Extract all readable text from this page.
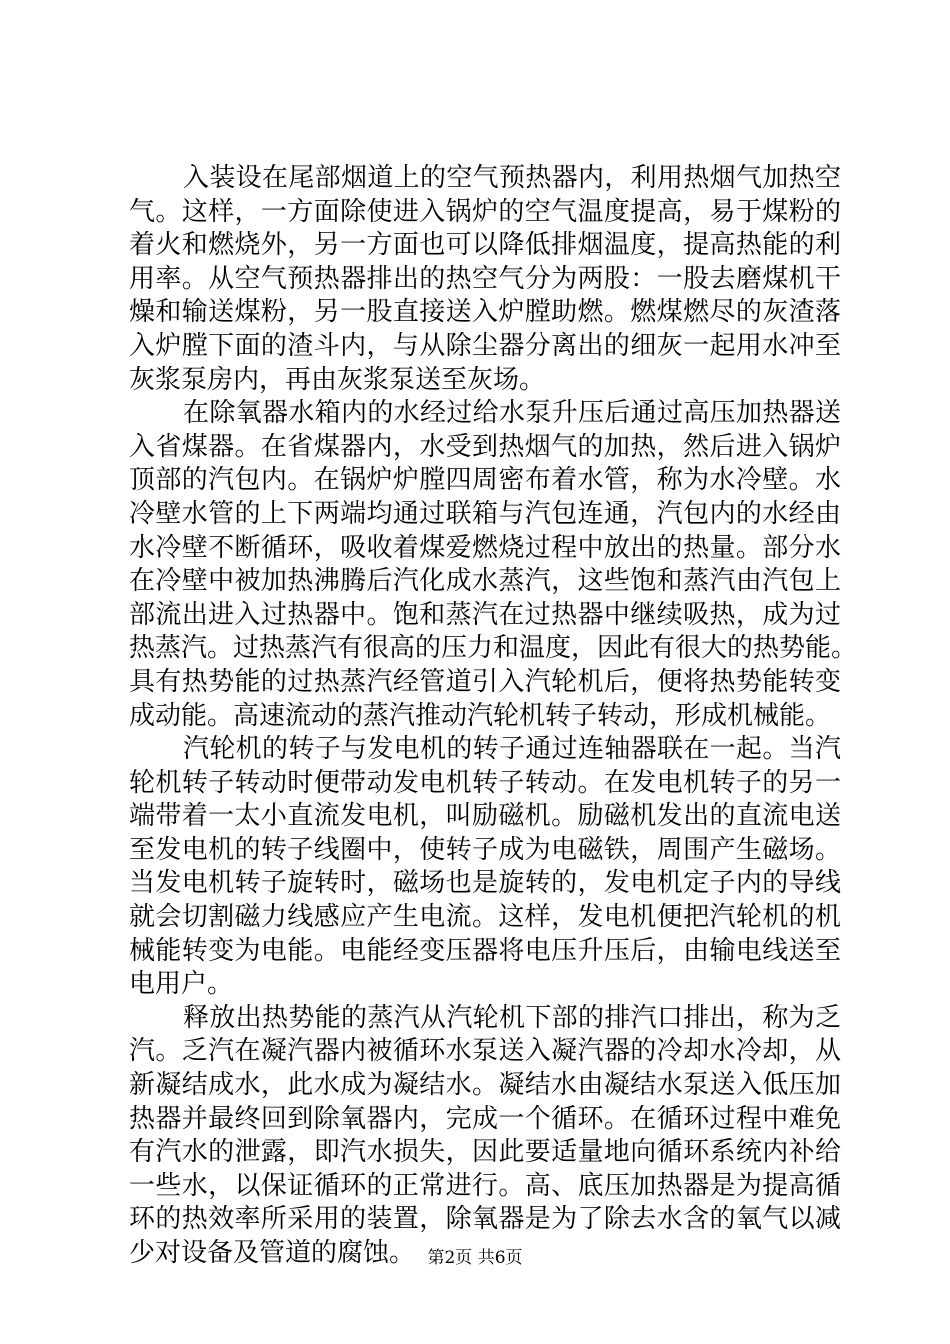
入装设在尾部烟道上的空气预热器内，利用热烟气加热空
气。这样，一方面除使进入锅炉的空气温度提高，易于煤粉的
着火和燃烧外，另一方面也可以降低排烟温度，提高热能的利
用率。从空气预热器排出的热空气分为两股：一股去磨煤机干
燥和输送煤粉，另一股直接送入炉膛助燃。燃煤燃尽的灰渣落
入炉膛下面的渣斗内，与从除尘器分离出的细灰一起用水冲至
灰浆泵房内，再由灰浆泵送至灰场。
在除氧器水箱内的水经过给水泵升压后通过高压加热器送
入省煤器。在省煤器内，水受到热烟气的加热，然后进入锅炉
顶部的汽包内。在锅炉炉膛四周密布着水管，称为水冷壁。水
冷壁水管的上下两端均通过联箱与汽包连通，汽包内的水经由
水冷壁不断循环，吸收着煤爱燃烧过程中放出的热量。部分水
在冷壁中被加热沸腾后汽化成水蒸汽，这些饱和蒸汽由汽包上
部流出进入过热器中。饱和蒸汽在过热器中继续吸热，成为过
热蒸汽。过热蒸汽有很高的压力和温度，因此有很大的热势能。
具有热势能的过热蒸汽经管道引入汽轮机后，便将热势能转变
成动能。高速流动的蒸汽推动汽轮机转子转动，形成机械能。
汽轮机的转子与发电机的转子通过连轴器联在一起。当汽
轮机转子转动时便带动发电机转子转动。在发电机转子的另一
端带着一太小直流发电机，叫励磁机。励磁机发出的直流电送
至发电机的转子线圈中，使转子成为电磁铁，周围产生磁场。
当发电机转子旋转时，磁场也是旋转的，发电机定子内的导线
就会切割磁力线感应产生电流。这样，发电机便把汽轮机的机
械能转变为电能。电能经变压器将电压升压后，由输电线送至
电用户。
释放出热势能的蒸汽从汽轮机下部的排汽口排出，称为乏
汽。乏汽在凝汽器内被循环水泵送入凝汽器的冷却水冷却，从
新凝结成水，此水成为凝结水。凝结水由凝结水泵送入低压加
热器并最终回到除氧器内，完成一个循环。在循环过程中难免
有汽水的泄露，即汽水损失，因此要适量地向循环系统内补给
一些水，以保证循环的正常进行。高、底压加热器是为提高循
环的热效率所采用的装置，除氧器是为了除去水含的氧气以减
少对设备及管道的腐蚀。 第2页 共6页
